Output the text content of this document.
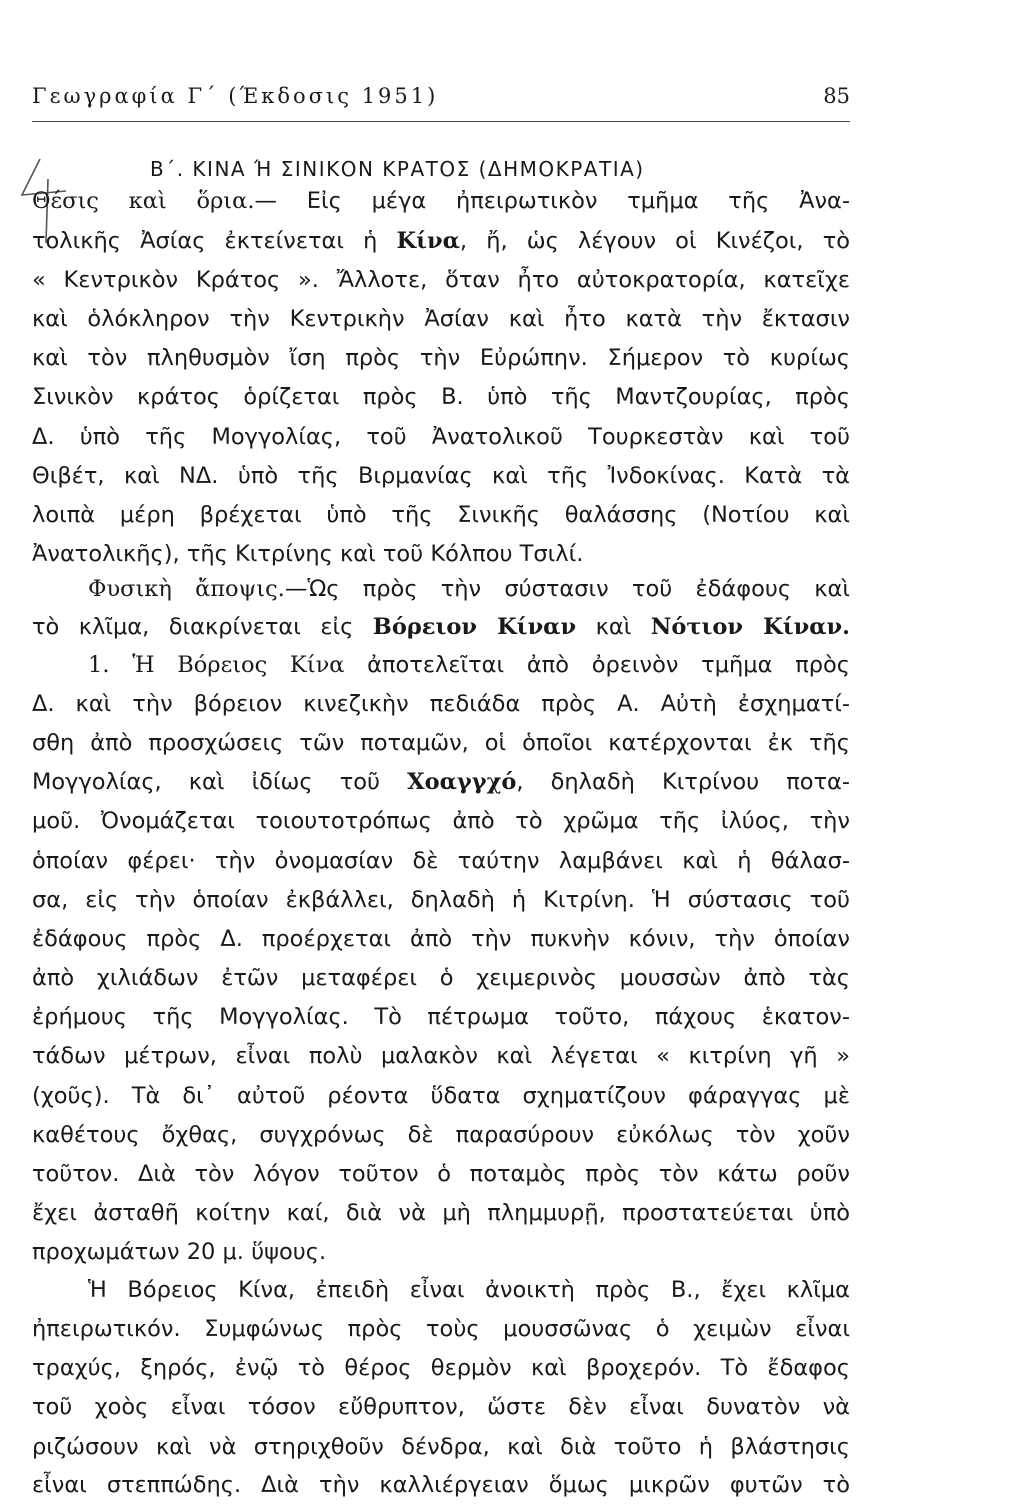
Γεωγραφία Γ΄ (Έκδοσις 1951)	85
Β΄. ΚΙΝΑ Ή ΣΙΝΙΚΟΝ ΚΡΑΤΟΣ (ΔΗΜΟΚΡΑΤΙΑ)
Θέσις καὶ ὅρια.— Εἰς μέγα ἠπειρωτικὸν τμῆμα τῆς Ἀνα-
τολικῆς Ἀσίας ἐκτείνεται ἡ Κίνα, ἤ, ὡς λέγουν οἱ Κινέζοι, τὸ
« Κεντρικὸν Κράτος ». Ἄλλοτε, ὅταν ἦτο αὐτοκρατορία, κατεῖχε
καὶ ὁλόκληρον τὴν Κεντρικὴν Ἀσίαν καὶ ἦτο κατὰ τὴν ἔκτασιν
καὶ τὸν πληθυσμὸν ἴση πρὸς τὴν Εὐρώπην. Σήμερον τὸ κυρίως
Σινικὸν κράτος ὁρίζεται πρὸς Β. ὑπὸ τῆς Μαντζουρίας, πρὸς
Δ. ὑπὸ τῆς Μογγολίας, τοῦ Ἀνατολικοῦ Τουρκεστὰν καὶ τοῦ
Θιβέτ, καὶ ΝΔ. ὑπὸ τῆς Βιρμανίας καὶ τῆς Ἰνδοκίνας. Κατὰ τὰ
λοιπὰ μέρη βρέχεται ὑπὸ τῆς Σινικῆς θαλάσσης (Νοτίου καὶ
Ἀνατολικῆς), τῆς Κιτρίνης καὶ τοῦ Κόλπου Τσιλί.
Φυσικὴ ἄποψις.—Ὡς πρὸς τὴν σύστασιν τοῦ ἐδάφους καὶ
τὸ κλῖμα, διακρίνεται εἰς Βόρειον Κίναν καὶ Νότιον Κίναν.
1. Ἡ Βόρειος Κίνα ἀποτελεῖται ἀπὸ ὀρεινὸν τμῆμα πρὸς
Δ. καὶ τὴν βόρειον κινεζικὴν πεδιάδα πρὸς Α. Αὐτὴ ἐσχηματί-
σθη ἀπὸ προσχώσεις τῶν ποταμῶν, οἱ ὁποῖοι κατέρχονται ἐκ τῆς
Μογγολίας, καὶ ἰδίως τοῦ Χοαγγχό, δηλαδὴ Κιτρίνου ποτα-
μοῦ. Ὀνομάζεται τοιουτοτρόπως ἀπὸ τὸ χρῶμα τῆς ἰλύος, τὴν
ὁποίαν φέρει· τὴν ὀνομασίαν δὲ ταύτην λαμβάνει καὶ ἡ θάλασ-
σα, εἰς τὴν ὁποίαν ἐκβάλλει, δηλαδὴ ἡ Κιτρίνη. Ἡ σύστασις τοῦ
ἐδάφους πρὸς Δ. προέρχεται ἀπὸ τὴν πυκνὴν κόνιν, τὴν ὁποίαν
ἀπὸ χιλιάδων ἐτῶν μεταφέρει ὁ χειμερινὸς μουσσὼν ἀπὸ τὰς
ἐρήμους τῆς Μογγολίας. Τὸ πέτρωμα τοῦτο, πάχους ἑκατον-
τάδων μέτρων, εἶναι πολὺ μαλακὸν καὶ λέγεται « κιτρίνη γῆ »
(χοῦς). Τὰ δι᾿ αὐτοῦ ρέοντα ὕδατα σχηματίζουν φάραγγας μὲ
καθέτους ὄχθας, συγχρόνως δὲ παρασύρουν εὐκόλως τὸν χοῦν
τοῦτον. Διὰ τὸν λόγον τοῦτον ὁ ποταμὸς πρὸς τὸν κάτω ροῦν
ἔχει ἀσταθῆ κοίτην καί, διὰ νὰ μὴ πλημμυρῇ, προστατεύεται ὑπὸ
προχωμάτων 20 μ. ὕψους.
Ἡ Βόρειος Κίνα, ἐπειδὴ εἶναι ἀνοικτὴ πρὸς Β., ἔχει κλῖμα
ἠπειρωτικόν. Συμφώνως πρὸς τοὺς μουσσῶνας ὁ χειμὼν εἶναι
τραχύς, ξηρός, ἐνῷ τὸ θέρος θερμὸν καὶ βροχερόν. Τὸ ἔδαφος
τοῦ χοὸς εἶναι τόσον εὔθρυπτον, ὥστε δὲν εἶναι δυνατὸν νὰ
ριζώσουν καὶ νὰ στηριχθοῦν δένδρα, καὶ διὰ τοῦτο ἡ βλάστησις
εἶναι στεππώδης. Διὰ τὴν καλλιέργειαν ὅμως μικρῶν φυτῶν τὸ
